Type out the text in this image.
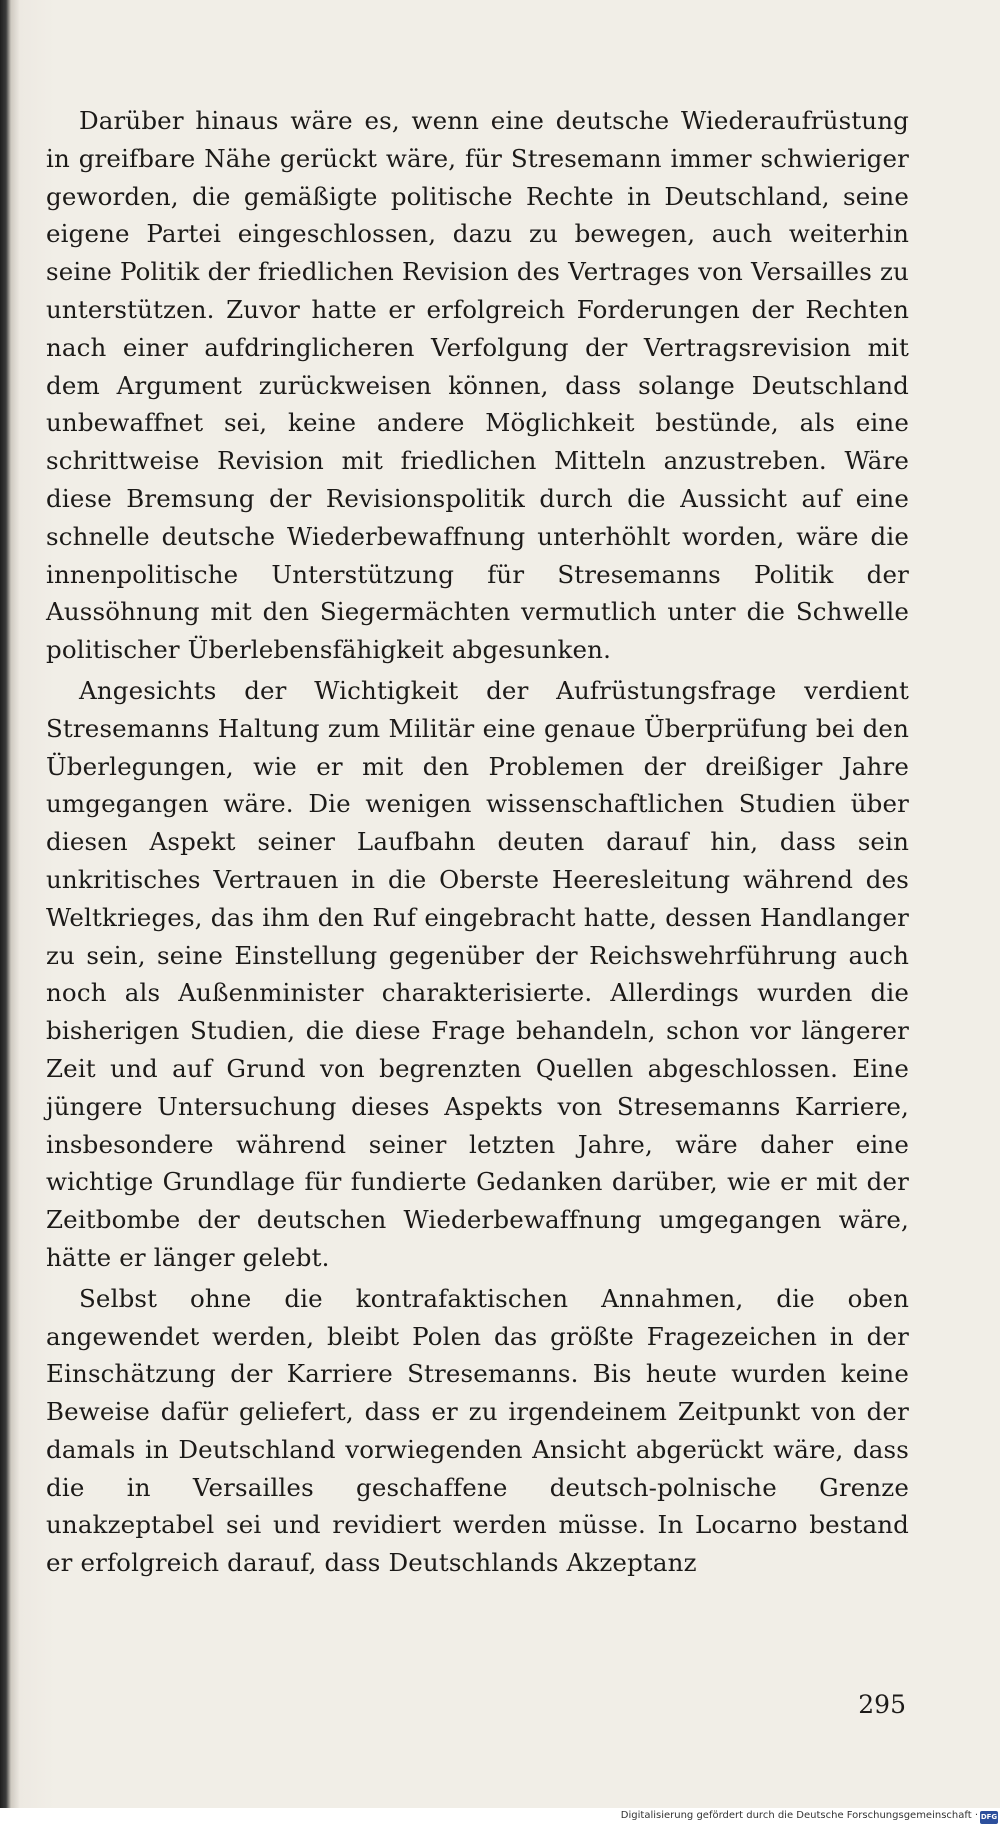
Darüber hinaus wäre es, wenn eine deutsche Wiederaufrüstung in greifbare Nähe gerückt wäre, für Stresemann immer schwieriger geworden, die gemäßigte politische Rechte in Deutschland, seine eigene Partei eingeschlossen, dazu zu bewegen, auch weiterhin seine Politik der friedlichen Revision des Vertrages von Versailles zu unterstützen. Zuvor hatte er erfolgreich Forderungen der Rechten nach einer aufdringlicheren Verfolgung der Vertragsrevision mit dem Argument zurückweisen können, dass solange Deutschland unbewaffnet sei, keine andere Möglichkeit bestünde, als eine schrittweise Revision mit friedlichen Mitteln anzustreben. Wäre diese Bremsung der Revisionspolitik durch die Aussicht auf eine schnelle deutsche Wiederbewaffnung unterhöhlt worden, wäre die innenpolitische Unterstützung für Stresemanns Politik der Aussöhnung mit den Siegermächten vermutlich unter die Schwelle politischer Überlebensfähigkeit abgesunken.

Angesichts der Wichtigkeit der Aufrüstungsfrage verdient Stresemanns Haltung zum Militär eine genaue Überprüfung bei den Überlegungen, wie er mit den Problemen der dreißiger Jahre umgegangen wäre. Die wenigen wissenschaftlichen Studien über diesen Aspekt seiner Laufbahn deuten darauf hin, dass sein unkritisches Vertrauen in die Oberste Heeresleitung während des Weltkrieges, das ihm den Ruf eingebracht hatte, dessen Handlanger zu sein, seine Einstellung gegenüber der Reichswehrführung auch noch als Außenminister charakterisierte. Allerdings wurden die bisherigen Studien, die diese Frage behandeln, schon vor längerer Zeit und auf Grund von begrenzten Quellen abgeschlossen. Eine jüngere Untersuchung dieses Aspekts von Stresemanns Karriere, insbesondere während seiner letzten Jahre, wäre daher eine wichtige Grundlage für fundierte Gedanken darüber, wie er mit der Zeitbombe der deutschen Wiederbewaffnung umgegangen wäre, hätte er länger gelebt.

Selbst ohne die kontrafaktischen Annahmen, die oben angewendet werden, bleibt Polen das größte Fragezeichen in der Einschätzung der Karriere Stresemanns. Bis heute wurden keine Beweise dafür geliefert, dass er zu irgendeinem Zeitpunkt von der damals in Deutschland vorwiegenden Ansicht abgerückt wäre, dass die in Versailles geschaffene deutsch-polnische Grenze unakzeptabel sei und revidiert werden müsse. In Locarno bestand er erfolgreich darauf, dass Deutschlands Akzeptanz

295
Digitalisierung gefördert durch die Deutsche Forschungsgemeinschaft · DFG
